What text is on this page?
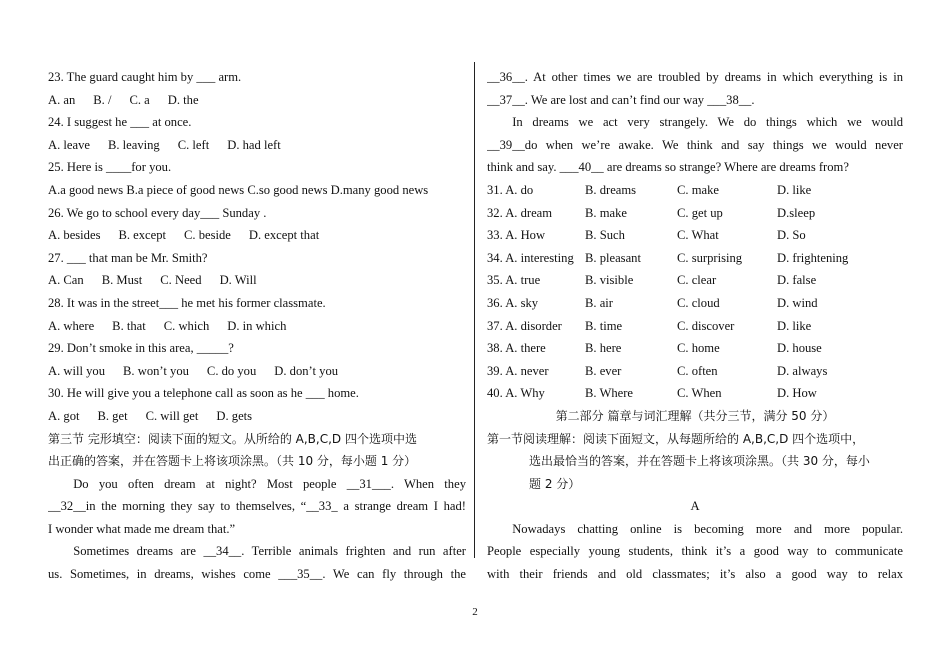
23. The guard caught him by ___ arm.
A. an B. / C. a D. the
24. I suggest he ___ at once.
A. leave B. leaving C. left D. had left
25. Here is ____for you.
A.a good news B.a piece of good news C.so good news D.many good news
26. We go to school every day___ Sunday .
A. besides B. except C. beside D. except that
27. ___ that man be Mr. Smith?
A. Can B. Must C. Need D. Will
28. It was in the street___ he met his former classmate.
A. where B. that C. which D. in which
29. Don’t smoke in this area, _____?
A. will you B. won’t you C. do you D. don’t you
30. He will give you a telephone call as soon as he ___ home.
A. got B. get C. will get D. gets
第三节 完形填空：阅读下面的短文。从所给的 A,B,C,D 四个选项中选
出正确的答案，并在答题卡上将该项涂黑。（共 10 分，每小题 1 分）
Do you often dream at night? Most people __31___. When they
__32__in the morning they say to themselves, “__33_ a strange dream I had!
I wonder what made me dream that.”
Sometimes dreams are __34__. Terrible animals frighten and run after
us. Sometimes, in dreams, wishes come ___35__. We can fly through the
__36__. At other times we are troubled by dreams in which everything is in
__37__. We are lost and can’t find our way ___38__.
In dreams we act very strangely. We do things which we would
__39__do when we’re awake. We think and say things we would never
think and say. ___40__ are dreams so strange? Where are dreams from?
31. A. do	B. dreams	C. make	D. like
32. A. dream	B. make	C. get up	D.sleep
33. A. How	B. Such	C. What	D. So
34. A. interesting B. pleasant	C. surprising	D. frightening
35. A. true	B. visible	C. clear	D. false
36. A. sky	B. air	C. cloud	D. wind
37. A. disorder	B. time	C. discover	D. like
38. A. there	B. here	C. home	D. house
39. A. never	B. ever	C. often	D. always
40. A. Why	B. Where	C. When	D. How
第二部分 篇章与词汇理解（共分三节，满分 50 分）
第一节阅读理解：阅读下面短文，从每题所给的 A,B,C,D 四个选项中，
选出最恰当的答案，并在答题卡上将该项涂黑。（共 30 分，每小
题 2 分）
A
Nowadays chatting online is becoming more and more popular.
People especially young students, think it’s a good way to communicate
with their friends and old classmates; it’s also a good way to relax
2
